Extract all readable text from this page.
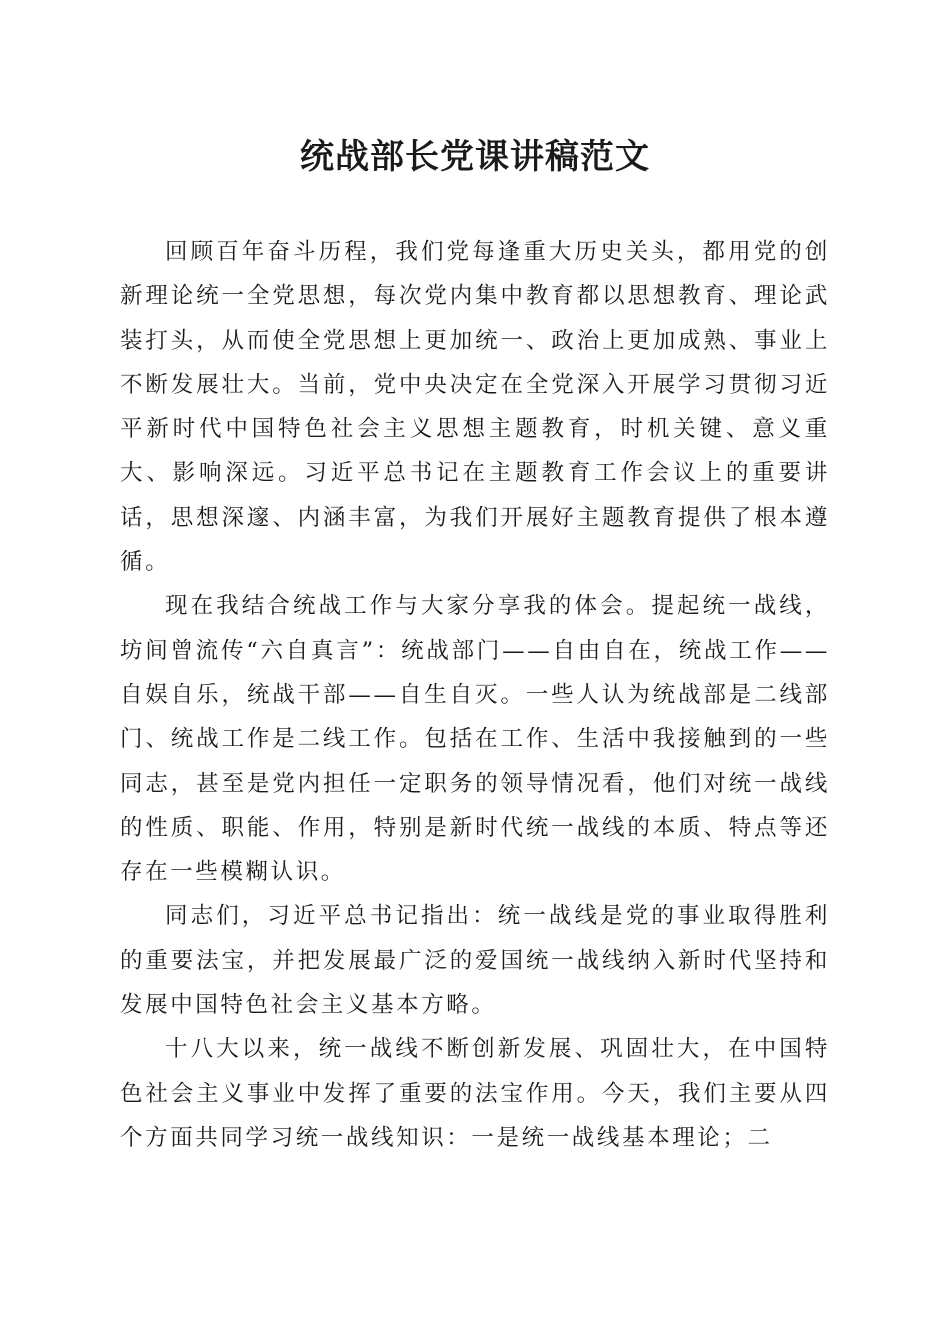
统战部长党课讲稿范文

回顾百年奋斗历程，我们党每逢重大历史关头，都用党的创新理论统一全党思想，每次党内集中教育都以思想教育、理论武装打头，从而使全党思想上更加统一、政治上更加成熟、事业上不断发展壮大。当前，党中央决定在全党深入开展学习贯彻习近平新时代中国特色社会主义思想主题教育，时机关键、意义重大、影响深远。习近平总书记在主题教育工作会议上的重要讲话，思想深邃、内涵丰富，为我们开展好主题教育提供了根本遵循。

现在我结合统战工作与大家分享我的体会。提起统一战线，坊间曾流传“六自真言”：统战部门——自由自在，统战工作——自娱自乐，统战干部——自生自灭。一些人认为统战部是二线部门、统战工作是二线工作。包括在工作、生活中我接触到的一些同志，甚至是党内担任一定职务的领导情况看，他们对统一战线的性质、职能、作用，特别是新时代统一战线的本质、特点等还存在一些模糊认识。

同志们，习近平总书记指出：统一战线是党的事业取得胜利的重要法宝，并把发展最广泛的爱国统一战线纳入新时代坚持和发展中国特色社会主义基本方略。

十八大以来，统一战线不断创新发展、巩固壮大，在中国特色社会主义事业中发挥了重要的法宝作用。今天，我们主要从四个方面共同学习统一战线知识：一是统一战线基本理论；二
